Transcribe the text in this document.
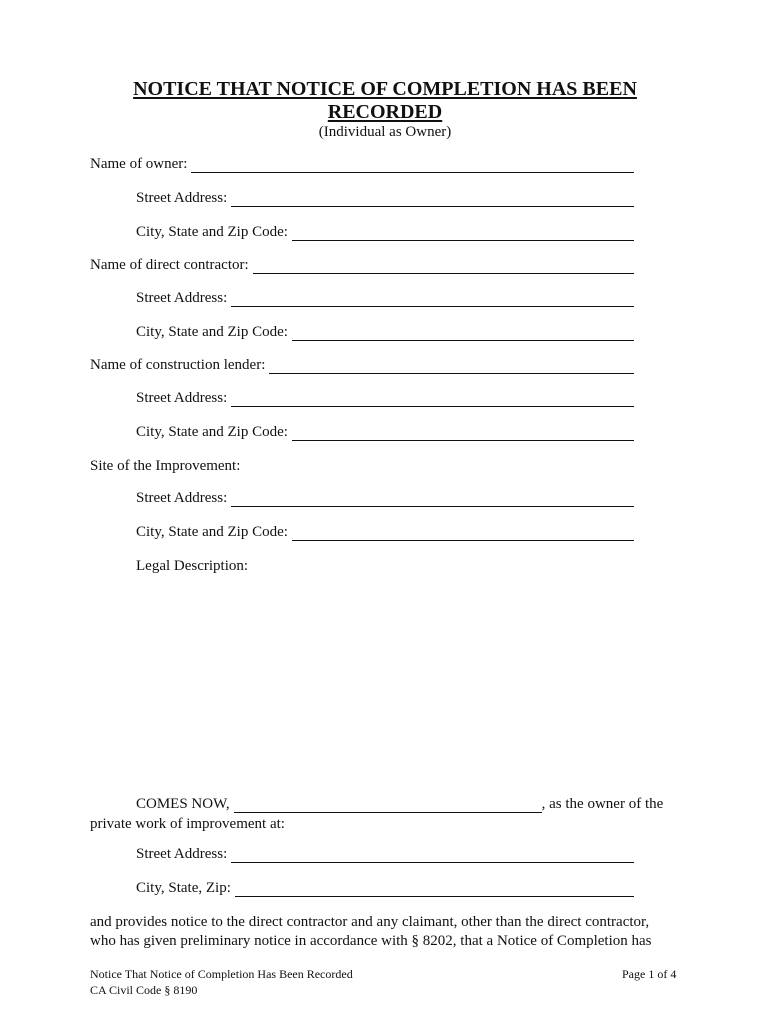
NOTICE THAT NOTICE OF COMPLETION HAS BEEN
RECORDED
(Individual as Owner)
Name of owner:
Street Address:
City, State and Zip Code:
Name of direct contractor:
Street Address:
City, State and Zip Code:
Name of construction lender:
Street Address:
City, State and Zip Code:
Site of the Improvement:
Street Address:
City, State and Zip Code:
Legal Description:
COMES NOW,	, as the owner of the
private work of improvement at:
Street Address:
City, State, Zip:
and provides notice to the direct contractor and any claimant, other than the direct contractor,
who has given preliminary notice in accordance with § 8202, that a Notice of Completion has
Notice That Notice of Completion Has Been Recorded
CA Civil Code § 8190
Page 1 of 4
